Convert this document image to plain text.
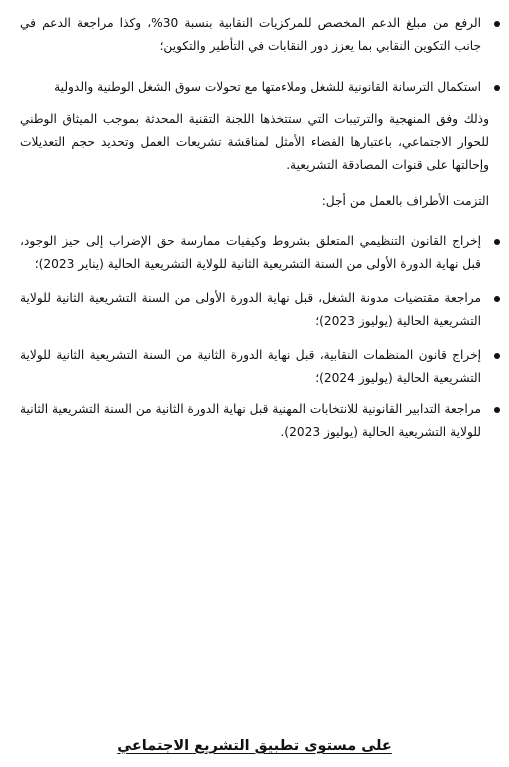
الرفع من مبلغ الدعم المخصص للمركزيات النقابية بنسبة 30%، وكذا مراجعة الدعم في جانب التكوين النقابي بما يعزز دور النقابات في التأطير والتكوين؛
استكمال الترسانة القانونية للشغل وملاءمتها مع تحولات سوق الشغل الوطنية والدولية
وذلك وفق المنهجية والترتيبات التي ستتخذها اللجنة التقنية المحدثة بموجب الميثاق الوطني للحوار الاجتماعي، باعتبارها الفضاء الأمثل لمناقشة تشريعات العمل وتحديد حجم التعديلات وإحالتها على قنوات المصادقة التشريعية.
التزمت الأطراف بالعمل من أجل:
إخراج القانون التنظيمي المتعلق بشروط وكيفيات ممارسة حق الإضراب إلى حيز الوجود، قبل نهاية الدورة الأولى من السنة التشريعية الثانية للولاية التشريعية الحالية (يناير 2023)؛
مراجعة مقتضيات مدونة الشغل، قبل نهاية الدورة الأولى من السنة التشريعية الثانية للولاية التشريعية الحالية (يوليوز 2023)؛
إخراج قانون المنظمات النقابية، قبل نهاية الدورة الثانية من السنة التشريعية الثانية للولاية التشريعية الحالية (يوليوز 2024)؛
مراجعة التدابير القانونية للانتخابات المهنية قبل نهاية الدورة الثانية من السنة التشريعية الثانية للولاية التشريعية الحالية (يوليوز 2023).
على مستوى تطبيق التشريع الاجتماعي
